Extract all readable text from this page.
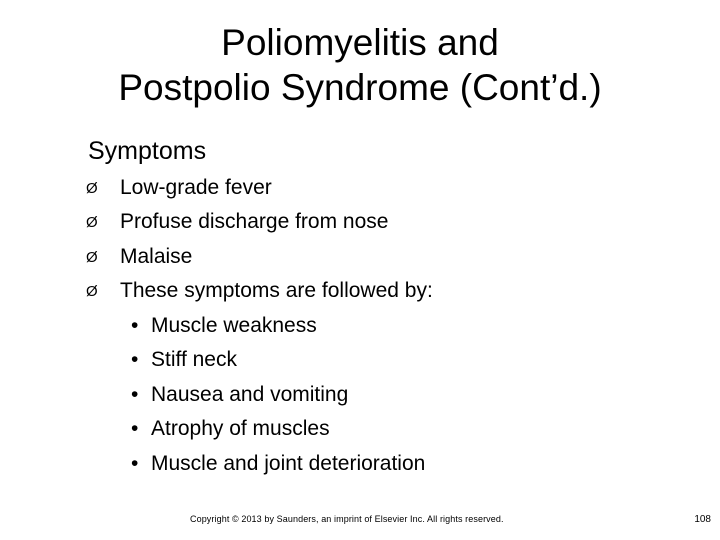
Poliomyelitis and
Postpolio Syndrome (Cont’d.)
Symptoms
Ø Low-grade fever
Ø Profuse discharge from nose
Ø Malaise
Ø These symptoms are followed by:
• Muscle weakness
• Stiff neck
• Nausea and vomiting
• Atrophy of muscles
• Muscle and joint deterioration
Copyright © 2013 by Saunders, an imprint of Elsevier Inc. All rights reserved.	108
